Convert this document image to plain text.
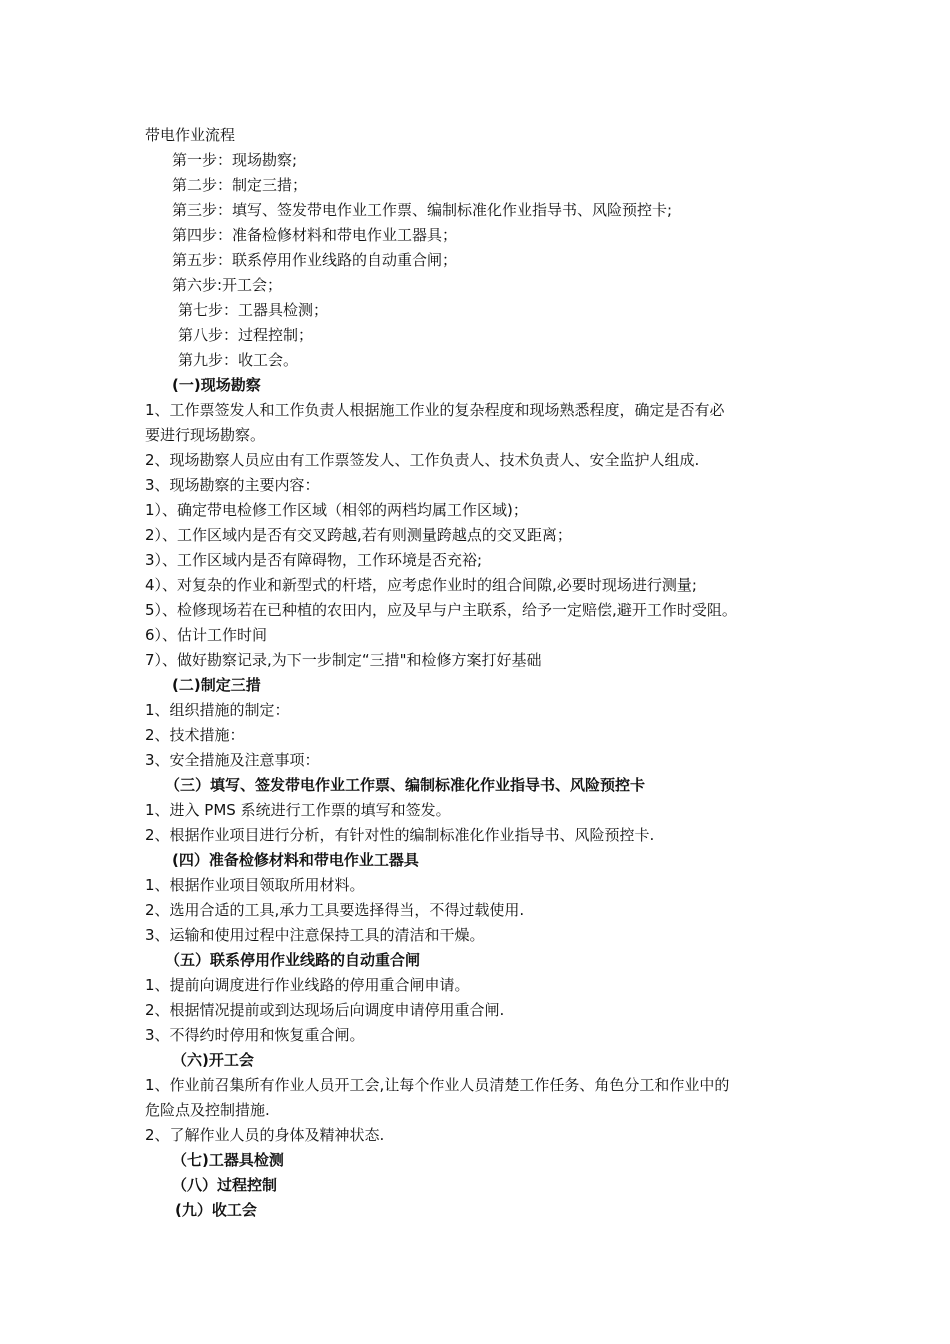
带电作业流程
第一步：现场勘察;
第二步：制定三措；
第三步：填写、签发带电作业工作票、编制标准化作业指导书、风险预控卡;
第四步：准备检修材料和带电作业工器具；
第五步：联系停用作业线路的自动重合闸；
第六步:开工会；
第七步：工器具检测；
第八步：过程控制；
第九步：收工会。
(一)现场勘察
1、工作票签发人和工作负责人根据施工作业的复杂程度和现场熟悉程度，确定是否有必
要进行现场勘察。
2、现场勘察人员应由有工作票签发人、工作负责人、技术负责人、安全监护人组成.
3、现场勘察的主要内容：
1）、确定带电检修工作区域（相邻的两档均属工作区域)；
2）、工作区域内是否有交叉跨越,若有则测量跨越点的交叉距离；
3）、工作区域内是否有障碍物，工作环境是否充裕;
4）、对复杂的作业和新型式的杆塔，应考虑作业时的组合间隙,必要时现场进行测量;
5）、检修现场若在已种植的农田内，应及早与户主联系，给予一定赔偿,避开工作时受阻。
6）、估计工作时间
7）、做好勘察记录,为下一步制定“三措"和检修方案打好基础
(二)制定三措
1、组织措施的制定：
2、技术措施：
3、安全措施及注意事项：
（三）填写、签发带电作业工作票、编制标准化作业指导书、风险预控卡
1、进入 PMS 系统进行工作票的填写和签发。
2、根据作业项目进行分析，有针对性的编制标准化作业指导书、风险预控卡.
(四）准备检修材料和带电作业工器具
1、根据作业项目领取所用材料。
2、选用合适的工具,承力工具要选择得当，不得过载使用.
3、运输和使用过程中注意保持工具的清洁和干燥。
（五）联系停用作业线路的自动重合闸
1、提前向调度进行作业线路的停用重合闸申请。
2、根据情况提前或到达现场后向调度申请停用重合闸.
3、不得约时停用和恢复重合闸。
（六)开工会
1、作业前召集所有作业人员开工会,让每个作业人员清楚工作任务、角色分工和作业中的
危险点及控制措施.
2、了解作业人员的身体及精神状态.
（七)工器具检测
（八）过程控制
(九）收工会
